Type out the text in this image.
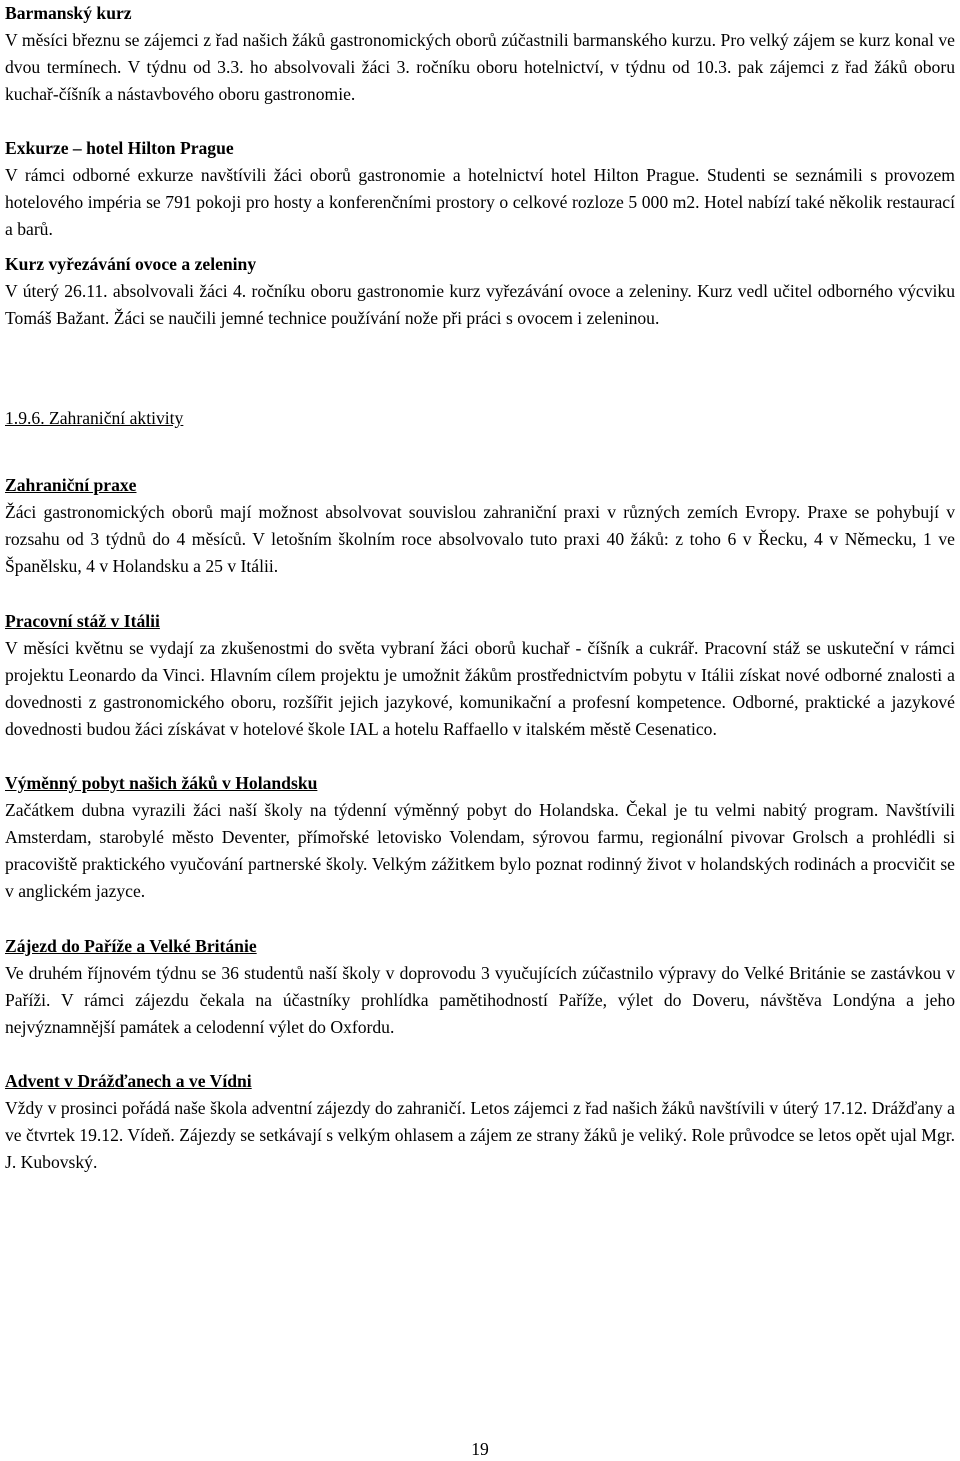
Barmanský kurz

V měsíci březnu se zájemci z řad našich žáků gastronomických oborů zúčastnili barmanského kurzu. Pro velký zájem se kurz konal ve dvou termínech. V týdnu od 3.3. ho absolvovali žáci 3. ročníku oboru hotelnictví, v týdnu od 10.3. pak zájemci z řad žáků oboru kuchař-číšník a nástavbového oboru gastronomie.

Exkurze – hotel Hilton Prague

V rámci odborné exkurze navštívili žáci oborů gastronomie a hotelnictví hotel Hilton Prague. Studenti se seznámili s provozem hotelového impéria se 791 pokoji pro hosty a konferenčními prostory o celkové rozloze 5 000 m2. Hotel nabízí také několik restaurací a barů.

Kurz vyřezávání ovoce a zeleniny

V úterý 26.11. absolvovali žáci 4. ročníku oboru gastronomie kurz vyřezávání ovoce a zeleniny. Kurz vedl učitel odborného výcviku Tomáš Bažant. Žáci se naučili jemné technice používání nože při práci s ovocem i zeleninou.

1.9.6. Zahraniční aktivity

Zahraniční praxe

Žáci gastronomických oborů mají možnost absolvovat souvislou zahraniční praxi v různých zemích Evropy. Praxe se pohybují v rozsahu od 3 týdnů do 4 měsíců. V letošním školním roce absolvovalo tuto praxi 40 žáků: z toho 6 v Řecku, 4 v Německu, 1 ve Španělsku, 4 v Holandsku a 25 v Itálii.

Pracovní stáž v Itálii

V měsíci květnu se vydají za zkušenostmi do světa vybraní žáci oborů kuchař - číšník a cukrář. Pracovní stáž se uskuteční v rámci projektu Leonardo da Vinci. Hlavním cílem projektu je umožnit žákům prostřednictvím pobytu v Itálii získat nové odborné znalosti a dovednosti z gastronomického oboru, rozšířit jejich jazykové, komunikační a profesní kompetence. Odborné, praktické a jazykové dovednosti budou žáci získávat v hotelové škole IAL a hotelu Raffaello v italském městě Cesenatico.

Výměnný pobyt našich žáků v Holandsku

Začátkem dubna vyrazili žáci naší školy na týdenní výměnný pobyt do Holandska. Čekal je tu velmi nabitý program. Navštívili Amsterdam, starobylé město Deventer, přímořské letovisko Volendam, sýrovou farmu, regionální pivovar Grolsch a prohlédli si pracoviště praktického vyučování partnerské školy. Velkým zážitkem bylo poznat rodinný život v holandských rodinách a procvičit se v anglickém jazyce.

Zájezd do Paříže a Velké Británie

Ve druhém říjnovém týdnu se 36 studentů naší školy v doprovodu 3 vyučujících zúčastnilo výpravy do Velké Británie se zastávkou v Paříži. V rámci zájezdu čekala na účastníky prohlídka pamětihodností Paříže, výlet do Doveru, návštěva Londýna a jeho nejvýznamnější památek a celodenní výlet do Oxfordu.

Advent v Drážďanech a ve Vídni

Vždy v prosinci pořádá naše škola adventní zájezdy do zahraničí. Letos zájemci z řad našich žáků navštívili v úterý 17.12. Drážďany a ve čtvrtek 19.12. Vídeň. Zájezdy se setkávají s velkým ohlasem a zájem ze strany žáků je veliký. Role průvodce se letos opět ujal Mgr. J. Kubovský.

19
